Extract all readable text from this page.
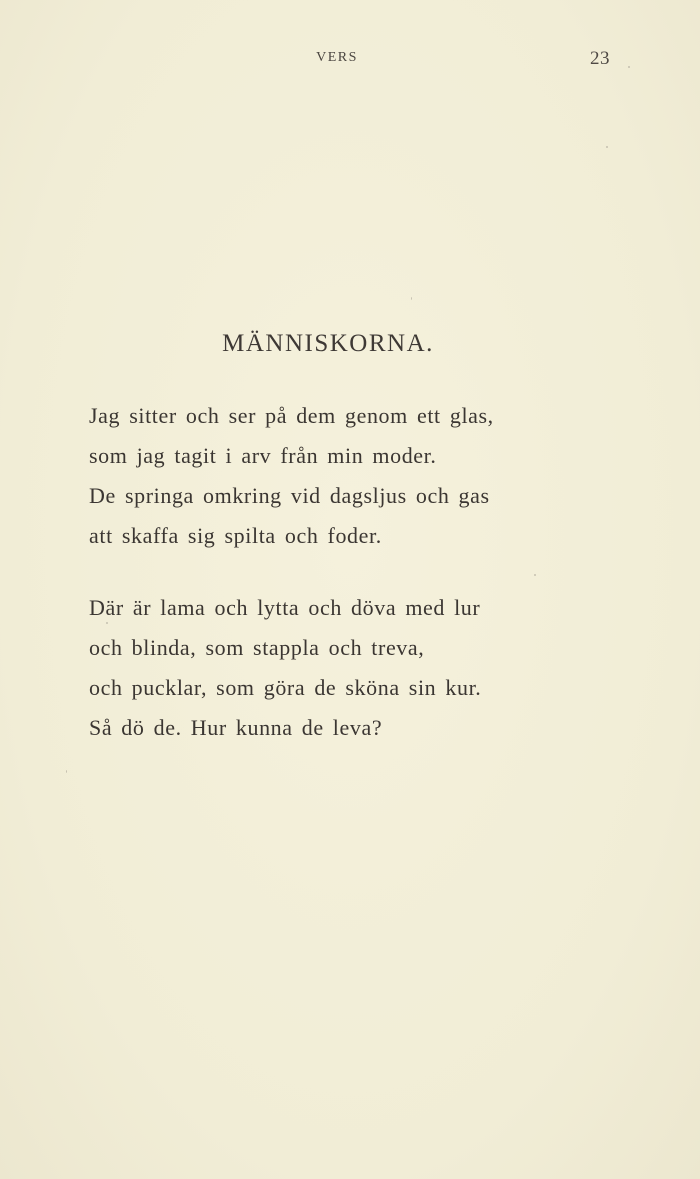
VERS	23
MÄNNISKORNA.
Jag sitter och ser på dem genom ett glas,
som jag tagit i arv från min moder.
De springa omkring vid dagsljus och gas
att skaffa sig spilta och foder.
Där är lama och lytta och döva med lur
och blinda, som stappla och treva,
och pucklar, som göra de sköna sin kur.
Så dö de. Hur kunna de leva?
